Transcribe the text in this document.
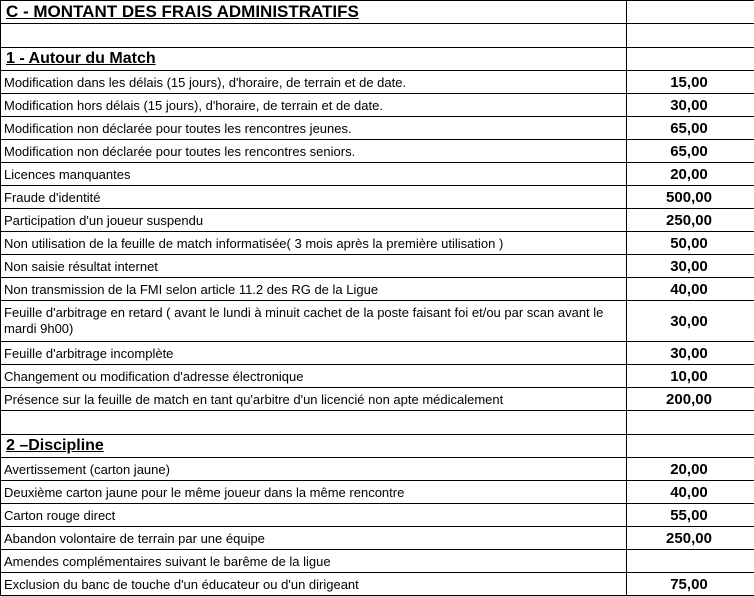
C - MONTANT DES FRAIS ADMINISTRATIFS	

1 - Autour du Match	
Modification dans les délais (15 jours), d'horaire, de terrain et de date.	15,00
Modification hors délais (15 jours), d'horaire, de terrain et de date.	30,00
Modification non déclarée pour toutes les rencontres jeunes.	65,00
Modification non déclarée pour toutes les rencontres seniors.	65,00
Licences manquantes	20,00
Fraude d'identité	500,00
Participation d'un joueur suspendu	250,00
Non utilisation de la feuille de match informatisée( 3 mois après la première utilisation )	50,00
Non saisie résultat internet	30,00
Non transmission de la FMI selon article 11.2 des RG de la Ligue	40,00
Feuille d'arbitrage en retard ( avant le lundi à minuit cachet de la poste faisant foi et/ou par scan avant le mardi 9h00)	30,00
Feuille d'arbitrage incomplète	30,00
Changement ou modification d'adresse électronique	10,00
Présence sur la feuille de match en tant qu'arbitre d'un licencié non apte médicalement	200,00

2 –Discipline	
Avertissement (carton jaune)	20,00
Deuxième carton jaune pour le même joueur dans la même rencontre	40,00
Carton rouge direct	55,00
Abandon volontaire de terrain par une équipe	250,00
Amendes complémentaires suivant le barême de la ligue	
Exclusion du banc de touche d'un éducateur ou d'un dirigeant	75,00
